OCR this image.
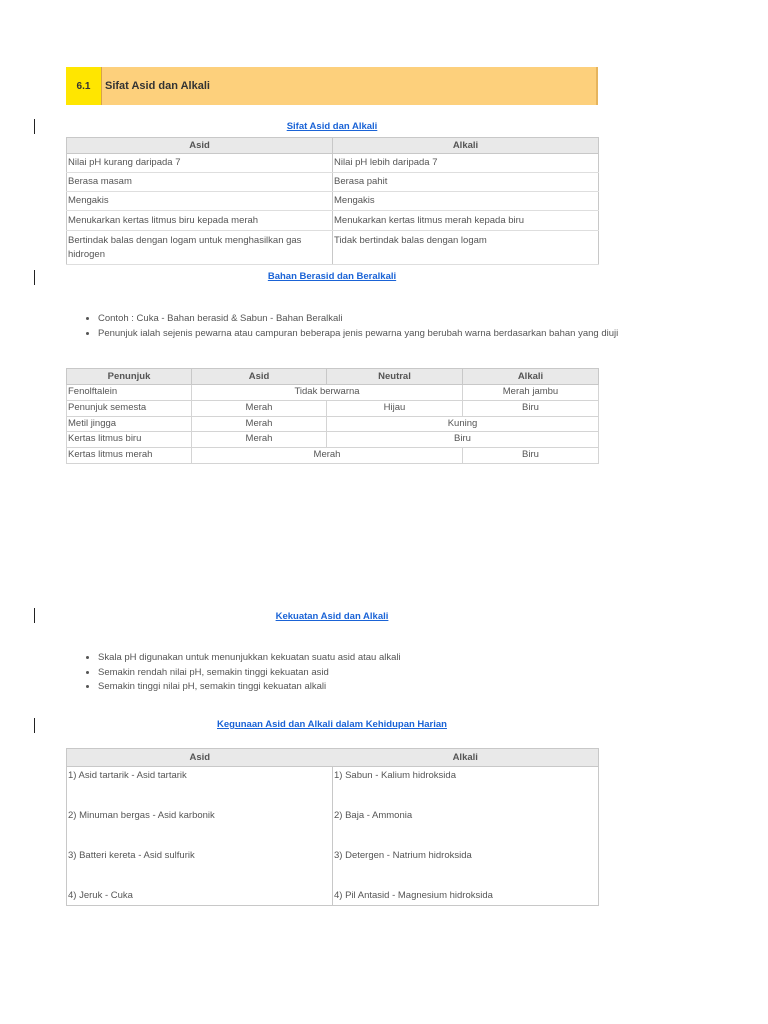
6.1	Sifat Asid dan Alkali
Sifat Asid dan Alkali
Asid	Alkali
Nilai pH kurang daripada 7	Nilai pH lebih daripada 7
Berasa masam	Berasa pahit
Mengakis	Mengakis
Menukarkan kertas litmus biru kepada merah	Menukarkan kertas litmus merah kepada biru
Bertindak balas dengan logam untuk menghasilkan gas hidrogen	Tidak bertindak balas dengan logam
Bahan Berasid dan Beralkali
• Contoh : Cuka - Bahan berasid & Sabun - Bahan Beralkali
• Penunjuk ialah sejenis pewarna atau campuran beberapa jenis pewarna yang berubah warna berdasarkan bahan yang diuji
Penunjuk	Asid	Neutral	Alkali
Fenolftalein	Tidak berwarna		Merah jambu
Penunjuk semesta	Merah	Hijau	Biru
Metil jingga	Merah	Kuning	
Kertas litmus biru	Merah	Biru	
Kertas litmus merah	Merah		Biru
Kekuatan Asid dan Alkali
• Skala pH digunakan untuk menunjukkan kekuatan suatu asid atau alkali
• Semakin rendah nilai pH, semakin tinggi kekuatan asid
• Semakin tinggi nilai pH, semakin tinggi kekuatan alkali
Kegunaan Asid dan Alkali dalam Kehidupan Harian
Asid	Alkali
1) Asid tartarik - Asid tartarik	1) Sabun - Kalium hidroksida
2) Minuman bergas - Asid karbonik	2) Baja - Ammonia
3) Batteri kereta - Asid sulfurik	3) Detergen - Natrium hidroksida
4) Jeruk - Cuka	4) Pil Antasid - Magnesium hidroksida
